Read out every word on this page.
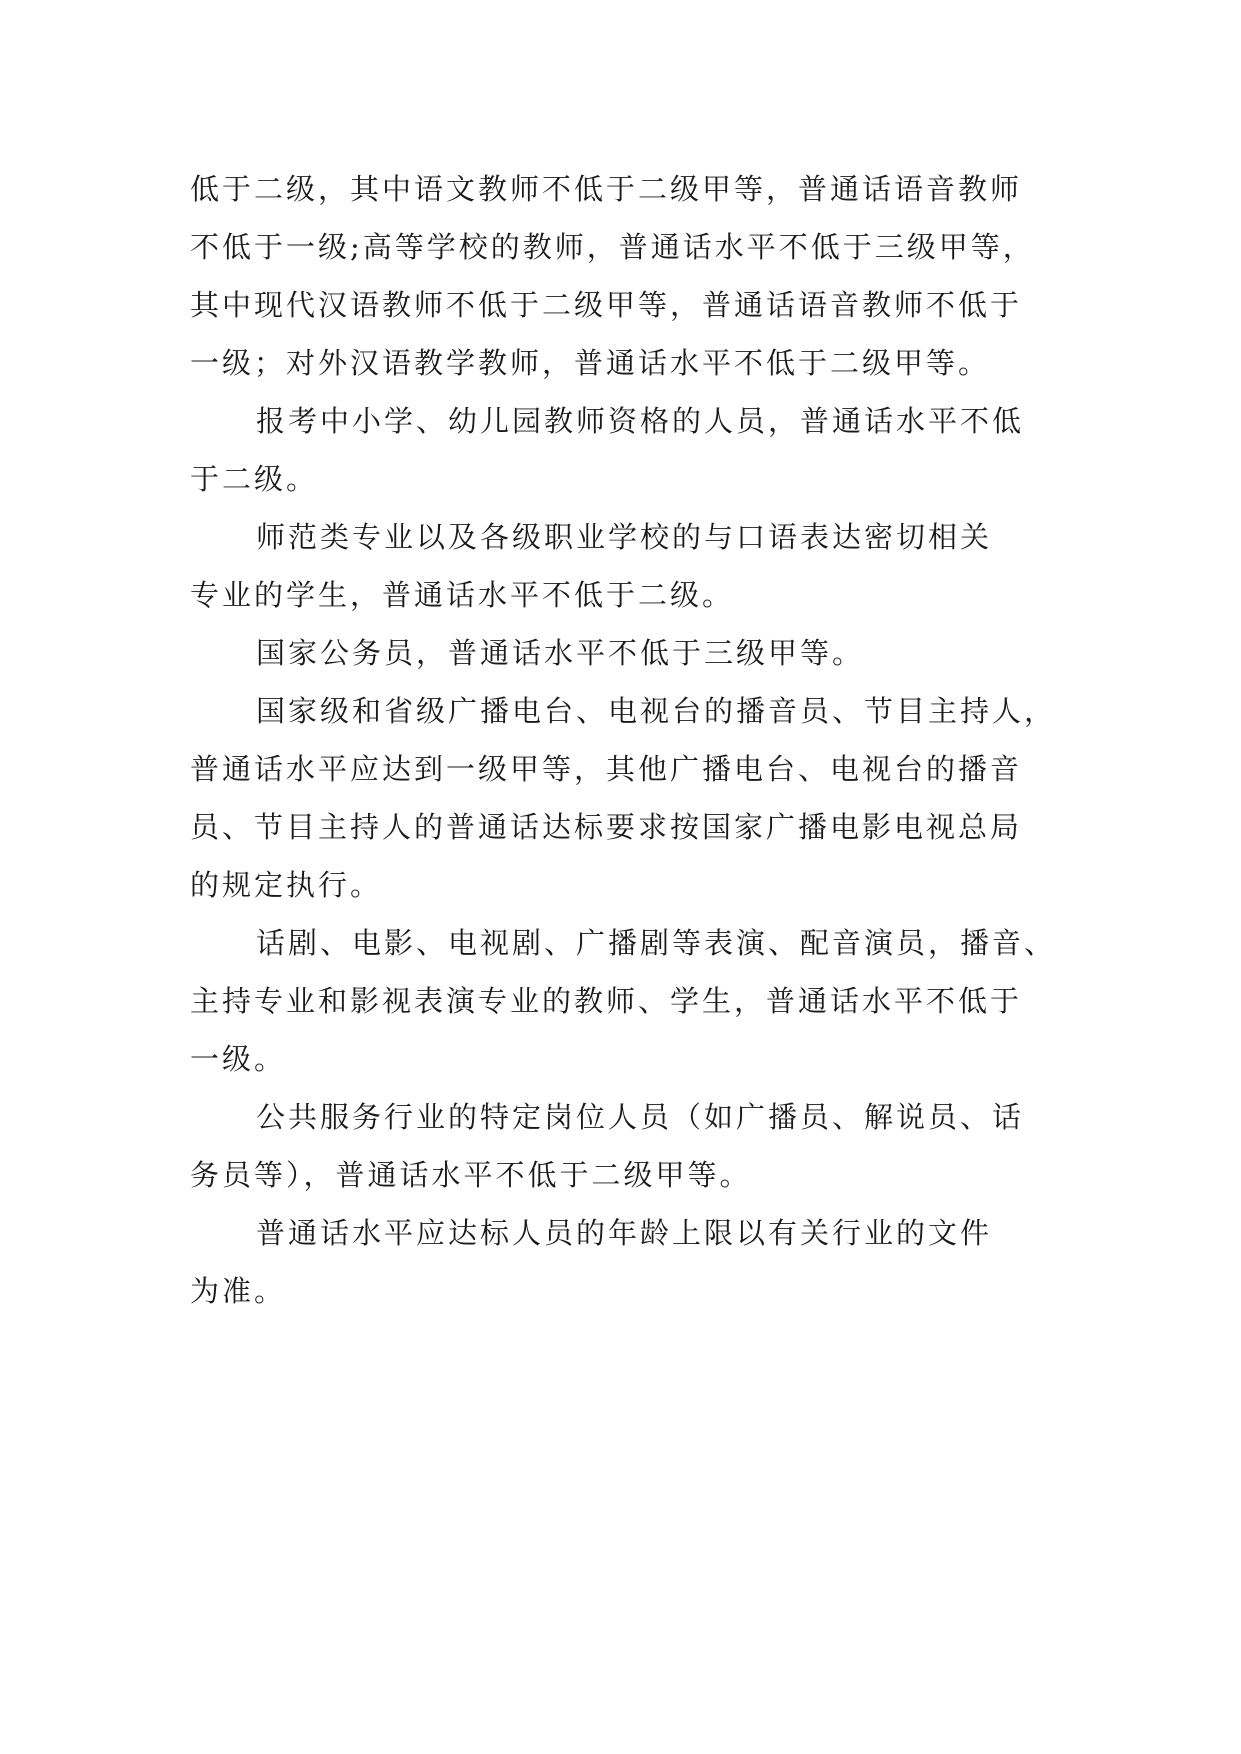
低于二级，其中语文教师不低于二级甲等，普通话语音教师
不低于一级;高等学校的教师，普通话水平不低于三级甲等，
其中现代汉语教师不低于二级甲等，普通话语音教师不低于
一级；对外汉语教学教师，普通话水平不低于二级甲等。
报考中小学、幼儿园教师资格的人员，普通话水平不低
于二级。
师范类专业以及各级职业学校的与口语表达密切相关
专业的学生，普通话水平不低于二级。
国家公务员，普通话水平不低于三级甲等。
国家级和省级广播电台、电视台的播音员、节目主持人，
普通话水平应达到一级甲等，其他广播电台、电视台的播音
员、节目主持人的普通话达标要求按国家广播电影电视总局
的规定执行。
话剧、电影、电视剧、广播剧等表演、配音演员，播音、
主持专业和影视表演专业的教师、学生，普通话水平不低于
一级。
公共服务行业的特定岗位人员（如广播员、解说员、话
务员等），普通话水平不低于二级甲等。
普通话水平应达标人员的年龄上限以有关行业的文件
为准。
